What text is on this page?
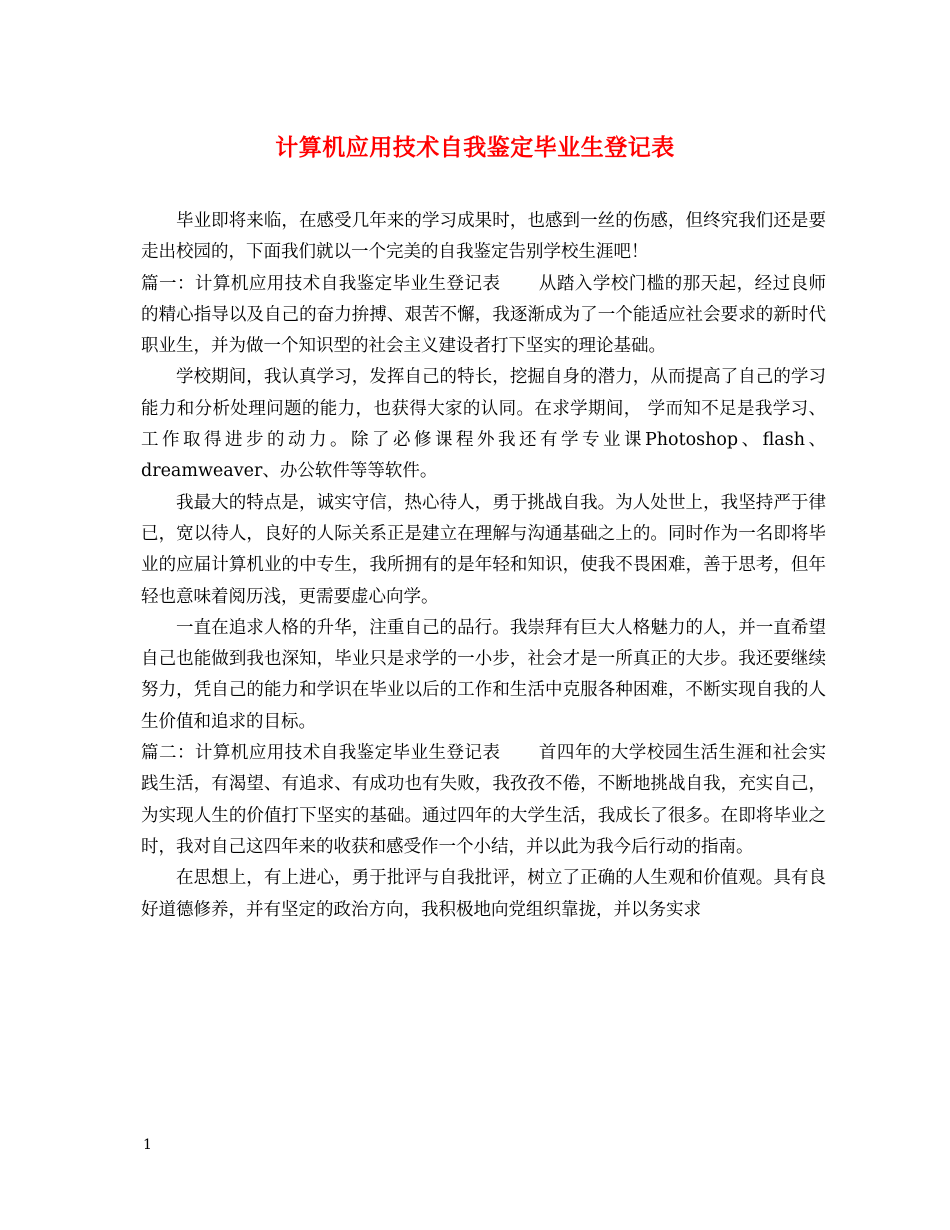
计算机应用技术自我鉴定毕业生登记表

毕业即将来临，在感受几年来的学习成果时，也感到一丝的伤感，但终究我们还是要走出校园的，下面我们就以一个完美的自我鉴定告别学校生涯吧！

篇一：计算机应用技术自我鉴定毕业生登记表 从踏入学校门槛的那天起，经过良师的精心指导以及自己的奋力拚搏、艰苦不懈，我逐渐成为了一个能适应社会要求的新时代职业生，并为做一个知识型的社会主义建设者打下坚实的理论基础。

学校期间，我认真学习，发挥自己的特长，挖掘自身的潜力，从而提高了自己的学习能力和分析处理问题的能力，也获得大家的认同。在求学期间， 学而知不足是我学习、工作取得进步的动力。除了必修课程外我还有学专业课Photoshop、flash、dreamweaver、办公软件等等软件。

我最大的特点是，诚实守信，热心待人，勇于挑战自我。为人处世上，我坚持严于律已，宽以待人，良好的人际关系正是建立在理解与沟通基础之上的。同时作为一名即将毕业的应届计算机业的中专生，我所拥有的是年轻和知识，使我不畏困难，善于思考，但年轻也意味着阅历浅，更需要虚心向学。

一直在追求人格的升华，注重自己的品行。我崇拜有巨大人格魅力的人，并一直希望自己也能做到我也深知，毕业只是求学的一小步，社会才是一所真正的大步。我还要继续努力，凭自己的能力和学识在毕业以后的工作和生活中克服各种困难，不断实现自我的人生价值和追求的目标。

篇二：计算机应用技术自我鉴定毕业生登记表 首四年的大学校园生活生涯和社会实践生活，有渴望、有追求、有成功也有失败，我孜孜不倦，不断地挑战自我，充实自己，为实现人生的价值打下坚实的基础。通过四年的大学生活，我成长了很多。在即将毕业之时，我对自己这四年来的收获和感受作一个小结，并以此为我今后行动的指南。

在思想上，有上进心，勇于批评与自我批评，树立了正确的人生观和价值观。具有良好道德修养，并有坚定的政治方向，我积极地向党组织靠拢，并以务实求

1
